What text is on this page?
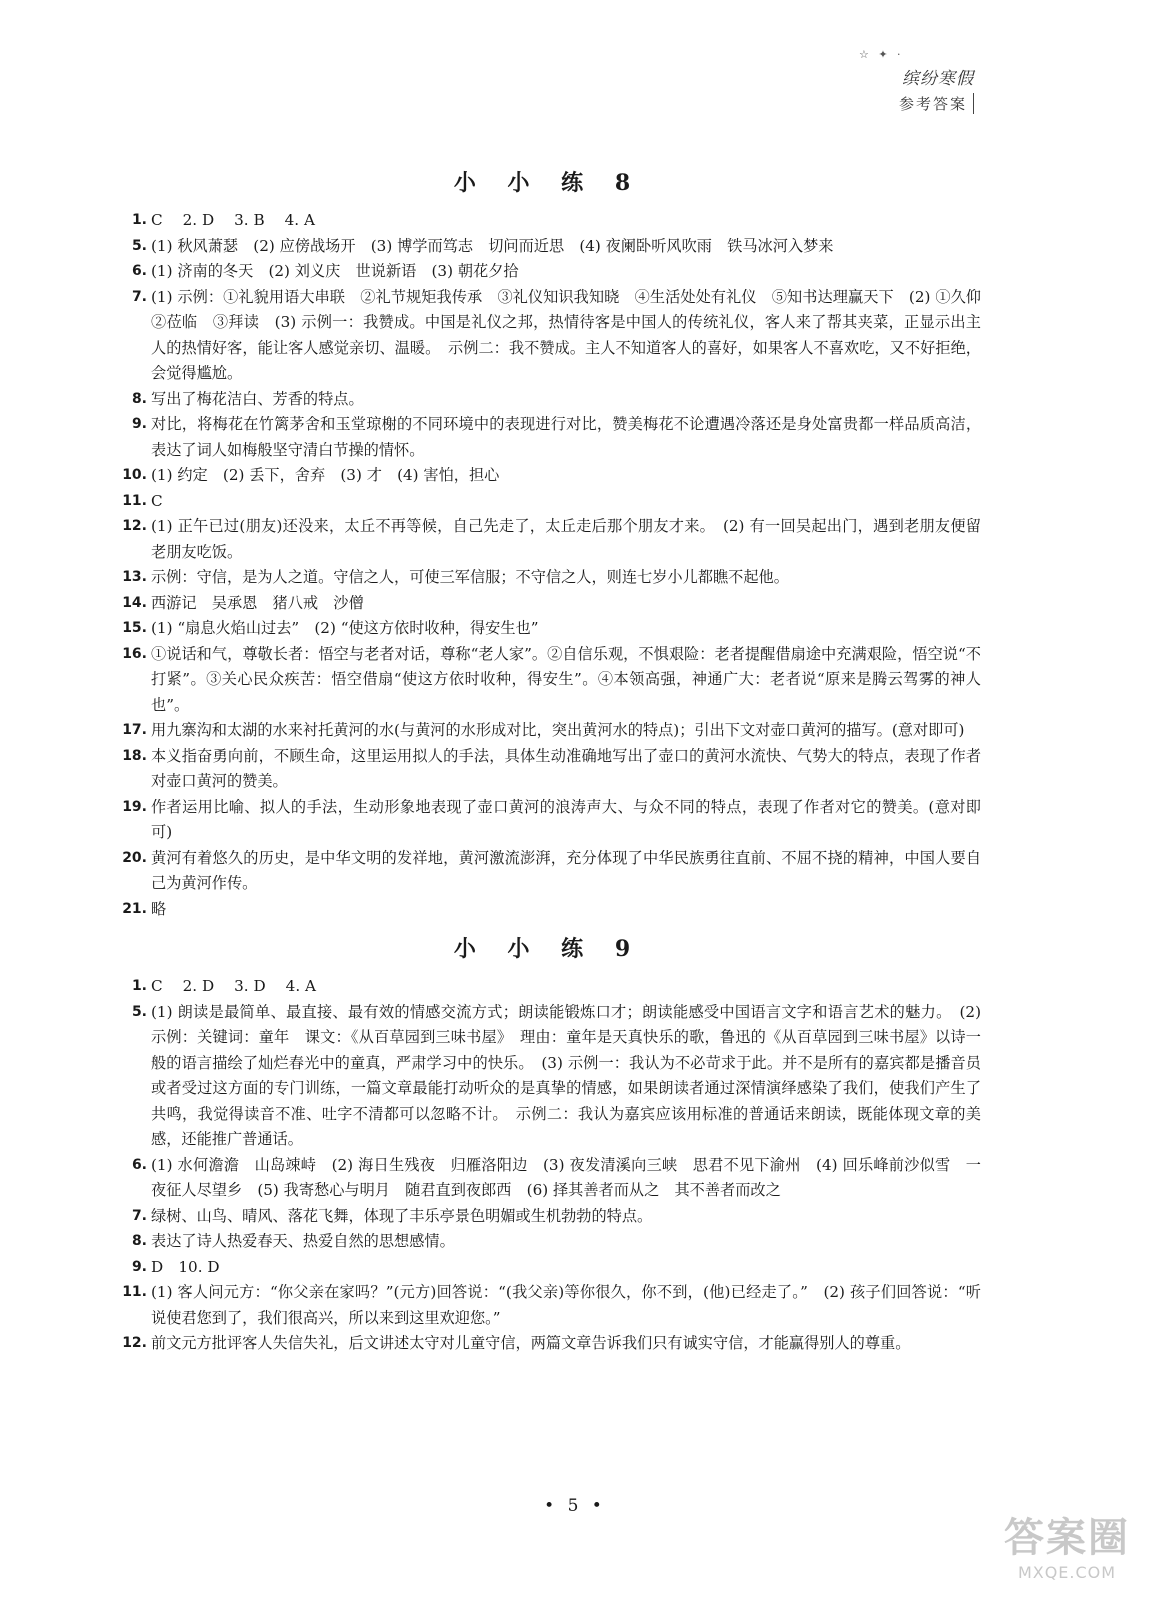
☆ ✦ ·
缤纷寒假
参考答案
小 小 练 8
1. C　 2. D　 3. B　 4. A
5. (1) 秋风萧瑟　(2) 应傍战场开　(3) 博学而笃志　切问而近思　(4) 夜阑卧听风吹雨　铁马冰河入梦来
6. (1) 济南的冬天　(2) 刘义庆　世说新语　(3) 朝花夕拾
7. (1) 示例：①礼貌用语大串联　②礼节规矩我传承　③礼仪知识我知晓　④生活处处有礼仪　⑤知书达理赢天下　(2) ①久仰　②莅临　③拜读　(3) 示例一：我赞成。中国是礼仪之邦，热情待客是中国人的传统礼仪，客人来了帮其夹菜，正显示出主人的热情好客，能让客人感觉亲切、温暖。　示例二：我不赞成。主人不知道客人的喜好，如果客人不喜欢吃，又不好拒绝，会觉得尴尬。
8. 写出了梅花洁白、芳香的特点。
9. 对比，将梅花在竹篱茅舍和玉堂琼榭的不同环境中的表现进行对比，赞美梅花不论遭遇冷落还是身处富贵都一样品质高洁，表达了词人如梅般坚守清白节操的情怀。
10. (1) 约定　(2) 丢下，舍弃　(3) 才　(4) 害怕，担心
11. C
12. (1) 正午已过(朋友)还没来，太丘不再等候，自己先走了，太丘走后那个朋友才来。　(2) 有一回吴起出门，遇到老朋友便留老朋友吃饭。
13. 示例：守信，是为人之道。守信之人，可使三军信服；不守信之人，则连七岁小儿都瞧不起他。
14. 西游记　吴承恩　猪八戒　沙僧
15. (1) “扇息火焰山过去”　(2) “使这方依时收种，得安生也”
16. ①说话和气，尊敬长者：悟空与老者对话，尊称“老人家”。②自信乐观，不惧艰险：老者提醒借扇途中充满艰险，悟空说“不打紧”。③关心民众疾苦：悟空借扇“使这方依时收种，得安生”。④本领高强，神通广大：老者说“原来是腾云驾雾的神人也”。
17. 用九寨沟和太湖的水来衬托黄河的水(与黄河的水形成对比，突出黄河水的特点)；引出下文对壶口黄河的描写。(意对即可)
18. 本义指奋勇向前，不顾生命，这里运用拟人的手法，具体生动准确地写出了壶口的黄河水流快、气势大的特点，表现了作者对壶口黄河的赞美。
19. 作者运用比喻、拟人的手法，生动形象地表现了壶口黄河的浪涛声大、与众不同的特点，表现了作者对它的赞美。(意对即可)
20. 黄河有着悠久的历史，是中华文明的发祥地，黄河激流澎湃，充分体现了中华民族勇往直前、不屈不挠的精神，中国人要自己为黄河作传。
21. 略
小 小 练 9
1. C　 2. D　 3. D　 4. A
5. (1) 朗读是最简单、最直接、最有效的情感交流方式；朗读能锻炼口才；朗读能感受中国语言文字和语言艺术的魅力。　(2) 示例：关键词：童年　课文：《从百草园到三味书屋》　理由：童年是天真快乐的歌，鲁迅的《从百草园到三味书屋》以诗一般的语言描绘了灿烂春光中的童真，严肃学习中的快乐。　(3) 示例一：我认为不必苛求于此。并不是所有的嘉宾都是播音员或者受过这方面的专门训练，一篇文章最能打动听众的是真挚的情感，如果朗读者通过深情演绎感染了我们，使我们产生了共鸣，我觉得读音不准、吐字不清都可以忽略不计。　示例二：我认为嘉宾应该用标准的普通话来朗读，既能体现文章的美感，还能推广普通话。
6. (1) 水何澹澹　山岛竦峙　(2) 海日生残夜　归雁洛阳边　(3) 夜发清溪向三峡　思君不见下渝州　(4) 回乐峰前沙似雪　一夜征人尽望乡　(5) 我寄愁心与明月　随君直到夜郎西　(6) 择其善者而从之　其不善者而改之
7. 绿树、山鸟、晴风、落花飞舞，体现了丰乐亭景色明媚或生机勃勃的特点。
8. 表达了诗人热爱春天、热爱自然的思想感情。
9. D　10. D
11. (1) 客人问元方：“你父亲在家吗？”(元方)回答说：“(我父亲)等你很久，你不到，(他)已经走了。”　(2) 孩子们回答说：“听说使君您到了，我们很高兴，所以来到这里欢迎您。”
12. 前文元方批评客人失信失礼，后文讲述太守对儿童守信，两篇文章告诉我们只有诚实守信，才能赢得别人的尊重。
• 5 •
答案圈
MXQE.COM
